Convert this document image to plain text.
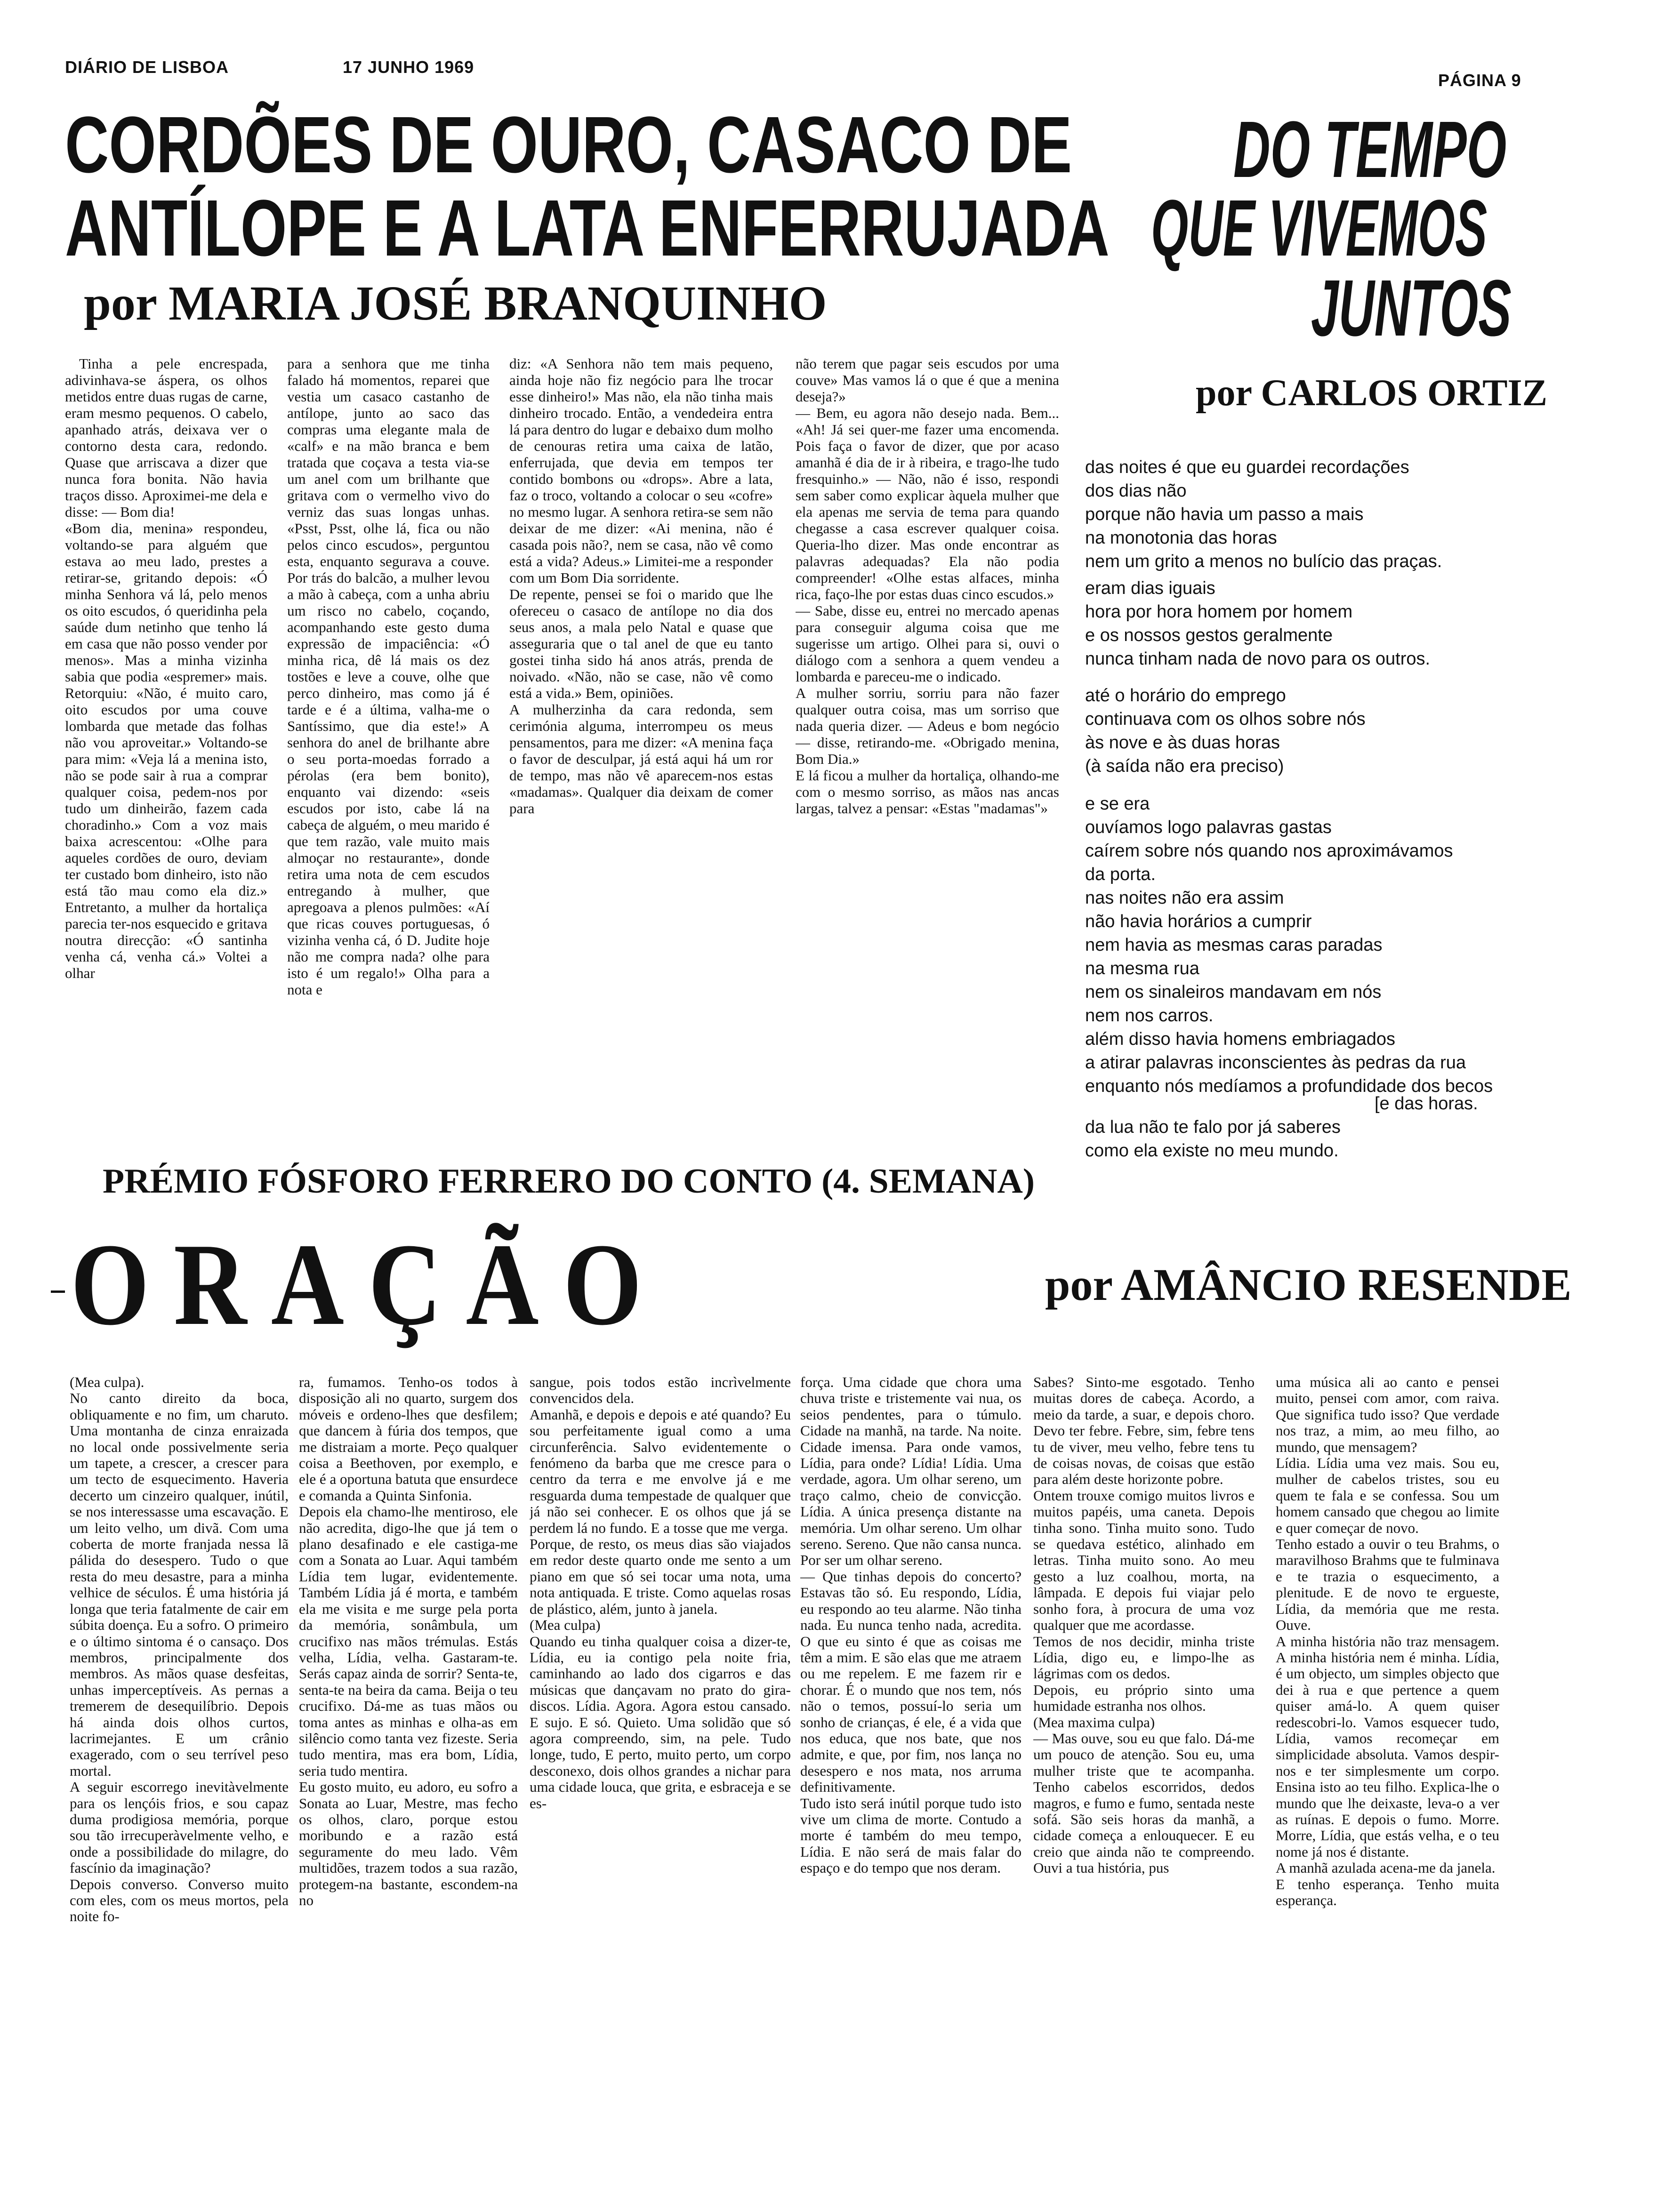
DIÁRIO DE LISBOA	17 JUNHO 1969
PÁGINA 9
CORDÕES DE OURO, CASACO DE
ANTÍLOPE E A LATA ENFERRUJADA
por MARIA JOSÉ BRANQUINHO
Tinha a pele encrespada, adivinhava-se áspera, os olhos metidos entre duas rugas de carne, eram mesmo pequenos. O cabelo, apanhado atrás, deixava ver o contorno desta cara, redondo. Quase que arriscava a dizer que nunca fora bonita. Não havia traços disso. Aproximei-me dela e disse: — Bom dia!
«Bom dia, menina» respondeu, voltando-se para alguém que estava ao meu lado, prestes a retirar-se, gritando depois: «Ó minha Senhora vá lá, pelo menos os oito escudos, ó queridinha pela saúde dum netinho que tenho lá em casa que não posso vender por menos». Mas a minha vizinha sabia que podia «espremer» mais. Retorquiu: «Não, é muito caro, oito escudos por uma couve lombarda que metade das folhas não vou aproveitar.» Voltando-se para mim: «Veja lá a menina isto, não se pode sair à rua a comprar qualquer coisa, pedem-nos por tudo um dinheirão, fazem cada choradinho.» Com a voz mais baixa acrescentou: «Olhe para aqueles cordões de ouro, deviam ter custado bom dinheiro, isto não está tão mau como ela diz.» Entretanto, a mulher da hortaliça parecia ter-nos esquecido e gritava noutra direcção: «Ó santinha venha cá, venha cá.» Voltei a olhar
para a senhora que me tinha falado há momentos, reparei que vestia um casaco castanho de antílope, junto ao saco das compras uma elegante mala de «calf» e na mão branca e bem tratada que coçava a testa via-se um anel com um brilhante que gritava com o vermelho vivo do verniz das suas longas unhas. «Psst, Psst, olhe lá, fica ou não pelos cinco escudos», perguntou esta, enquanto segurava a couve. Por trás do balcão, a mulher levou a mão à cabeça, com a unha abriu um risco no cabelo, coçando, acompanhando este gesto duma expressão de impaciência: «Ó minha rica, dê lá mais os dez tostões e leve a couve, olhe que perco dinheiro, mas como já é tarde e é a última, valha-me o Santíssimo, que dia este!» A senhora do anel de brilhante abre o seu porta-moedas forrado a pérolas (era bem bonito), enquanto vai dizendo: «seis escudos por isto, cabe lá na cabeça de alguém, o meu marido é que tem razão, vale muito mais almoçar no restaurante», donde retira uma nota de cem escudos entregando à mulher, que apregoava a plenos pulmões: «Aí que ricas couves portuguesas, ó vizinha venha cá, ó D. Judite hoje não me compra nada? olhe para isto é um regalo!» Olha para a nota e
diz: «A Senhora não tem mais pequeno, ainda hoje não fiz negócio para lhe trocar esse dinheiro!» Mas não, ela não tinha mais dinheiro trocado. Então, a vendedeira entra lá para dentro do lugar e debaixo dum molho de cenouras retira uma caixa de latão, enferrujada, que devia em tempos ter contido bombons ou «drops». Abre a lata, faz o troco, voltando a colocar o seu «cofre» no mesmo lugar. A senhora retira-se sem não deixar de me dizer: «Ai menina, não é casada pois não?, nem se casa, não vê como está a vida? Adeus.» Limitei-me a responder com um Bom Dia sorridente.
De repente, pensei se foi o marido que lhe ofereceu o casaco de antílope no dia dos seus anos, a mala pelo Natal e quase que asseguraria que o tal anel de que eu tanto gostei tinha sido há anos atrás, prenda de noivado. «Não, não se case, não vê como está a vida.» Bem, opiniões.
A mulherzinha da cara redonda, sem cerimónia alguma, interrompeu os meus pensamentos, para me dizer: «A menina faça o favor de desculpar, já está aqui há um ror de tempo, mas não vê aparecem-nos estas «madamas». Qualquer dia deixam de comer para
não terem que pagar seis escudos por uma couve» Mas vamos lá o que é que a menina deseja?»
— Bem, eu agora não desejo nada. Bem... «Ah! Já sei quer-me fazer uma encomenda. Pois faça o favor de dizer, que por acaso amanhã é dia de ir à ribeira, e trago-lhe tudo fresquinho.» — Não, não é isso, respondi sem saber como explicar àquela mulher que ela apenas me servia de tema para quando chegasse a casa escrever qualquer coisa. Queria-lho dizer. Mas onde encontrar as palavras adequadas? Ela não podia compreender! «Olhe estas alfaces, minha rica, faço-lhe por estas duas cinco escudos.»
— Sabe, disse eu, entrei no mercado apenas para conseguir alguma coisa que me sugerisse um artigo. Olhei para si, ouvi o diálogo com a senhora a quem vendeu a lombarda e pareceu-me o indicado.
A mulher sorriu, sorriu para não fazer qualquer outra coisa, mas um sorriso que nada queria dizer. — Adeus e bom negócio — disse, retirando-me. «Obrigado menina, Bom Dia.»
E lá ficou a mulher da hortaliça, olhando-me com o mesmo sorriso, as mãos nas ancas largas, talvez a pensar: «Estas "madamas"»
DO TEMPO
QUE VIVEMOS
JUNTOS
por CARLOS ORTIZ
das noites é que eu guardei recordações
dos dias não
porque não havia um passo a mais
na monotonia das horas
nem um grito a menos no bulício das praças.
eram dias iguais
hora por hora homem por homem
e os nossos gestos geralmente
nunca tinham nada de novo para os outros.
até o horário do emprego
continuava com os olhos sobre nós
às nove e às duas horas
(à saída não era preciso)
e se era
ouvíamos logo palavras gastas
caírem sobre nós quando nos aproximávamos
da porta.
nas noites não era assim
não havia horários a cumprir
nem havia as mesmas caras paradas
na mesma rua
nem os sinaleiros mandavam em nós
nem nos carros.
além disso havia homens embriagados
a atirar palavras inconscientes às pedras da rua
enquanto nós medíamos a profundidade dos becos
[e das horas.
da lua não te falo por já saberes
como ela existe no meu mundo.
PRÉMIO FÓSFORO FERRERO DO CONTO (4. SEMANA)
ORAÇÃO	por AMÂNCIO RESENDE
(Mea culpa).
No canto direito da boca, obliquamente e no fim, um charuto. Uma montanha de cinza enraizada no local onde possivelmente seria um tapete, a crescer, a crescer para um tecto de esquecimento. Haveria decerto um cinzeiro qualquer, inútil, se nos interessasse uma escavação. E um leito velho, um divã. Com uma coberta de morte franjada nessa lã pálida do desespero. Tudo o que resta do meu desastre, para a minha velhice de séculos. É uma história já longa que teria fatalmente de cair em súbita doença. Eu a sofro. O primeiro e o último sintoma é o cansaço. Dos membros, principalmente dos membros. As mãos quase desfeitas, unhas imperceptíveis. As pernas a tremerem de desequilíbrio. Depois há ainda dois olhos curtos, lacrimejantes. E um crânio exagerado, com o seu terrível peso mortal.
A seguir escorrego inevitàvelmente para os lençóis frios, e sou capaz duma prodigiosa memória, porque sou tão irrecuperàvelmente velho, e onde a possibilidade do milagre, do fascínio da imaginação?
Depois converso. Converso muito com eles, com os meus mortos, pela noite fo-
ra, fumamos. Tenho-os todos à disposição ali no quarto, surgem dos móveis e ordeno-lhes que desfilem; que dancem à fúria dos tempos, que me distraiam a morte. Peço qualquer coisa a Beethoven, por exemplo, e ele é a oportuna batuta que ensurdece e comanda a Quinta Sinfonia.
Depois ela chamo-lhe mentiroso, ele não acredita, digo-lhe que já tem o plano desafinado e ele castiga-me com a Sonata ao Luar. Aqui também Lídia tem lugar, evidentemente. Também Lídia já é morta, e também ela me visita e me surge pela porta da memória, sonâmbula, um crucifixo nas mãos trémulas. Estás velha, Lídia, velha. Gastaram-te. Serás capaz ainda de sorrir? Senta-te, senta-te na beira da cama. Beija o teu crucifixo. Dá-me as tuas mãos ou toma antes as minhas e olha-as em silêncio como tanta vez fizeste. Seria tudo mentira, mas era bom, Lídia, seria tudo mentira.
Eu gosto muito, eu adoro, eu sofro a Sonata ao Luar, Mestre, mas fecho os olhos, claro, porque estou moribundo e a razão está seguramente do meu lado. Vêm multidões, trazem todos a sua razão, protegem-na bastante, escondem-na no
sangue, pois todos estão incrìvelmente convencidos dela.
Amanhã, e depois e depois e até quando? Eu sou perfeitamente igual como a uma circunferência. Salvo evidentemente o fenómeno da barba que me cresce para o centro da terra e me envolve já e me resguarda duma tempestade de qualquer que já não sei conhecer. E os olhos que já se perdem lá no fundo. E a tosse que me verga.
Porque, de resto, os meus dias são viajados em redor deste quarto onde me sento a um piano em que só sei tocar uma nota, uma nota antiquada. E triste. Como aquelas rosas de plástico, além, junto à janela.
(Mea culpa)
Quando eu tinha qualquer coisa a dizer-te, Lídia, eu ia contigo pela noite fria, caminhando ao lado dos cigarros e das músicas que dançavam no prato do gira-discos. Lídia. Agora. Agora estou cansado. E sujo. E só. Quieto. Uma solidão que só agora compreendo, sim, na pele. Tudo longe, tudo, E perto, muito perto, um corpo desconexo, dois olhos grandes a nichar para uma cidade louca, que grita, e esbraceja e se es-
força. Uma cidade que chora uma chuva triste e tristemente vai nua, os seios pendentes, para o túmulo. Cidade na manhã, na tarde. Na noite. Cidade imensa. Para onde vamos, Lídia, para onde? Lídia! Lídia. Uma verdade, agora. Um olhar sereno, um traço calmo, cheio de convicção. Lídia. A única presença distante na memória. Um olhar sereno. Um olhar sereno. Sereno. Que não cansa nunca. Por ser um olhar sereno.
— Que tinhas depois do concerto? Estavas tão só. Eu respondo, Lídia, eu respondo ao teu alarme. Não tinha nada. Eu nunca tenho nada, acredita. O que eu sinto é que as coisas me têm a mim. E são elas que me atraem ou me repelem. E me fazem rir e chorar. É o mundo que nos tem, nós não o temos, possuí-lo seria um sonho de crianças, é ele, é a vida que nos educa, que nos bate, que nos admite, e que, por fim, nos lança no desespero e nos mata, nos arruma definitivamente.
Tudo isto será inútil porque tudo isto vive um clima de morte. Contudo a morte é também do meu tempo, Lídia. E não será de mais falar do espaço e do tempo que nos deram.
Sabes? Sinto-me esgotado. Tenho muitas dores de cabeça. Acordo, a meio da tarde, a suar, e depois choro. Devo ter febre. Febre, sim, febre tens tu de viver, meu velho, febre tens tu de coisas novas, de coisas que estão para além deste horizonte pobre.
Ontem trouxe comigo muitos livros e muitos papéis, uma caneta. Depois tinha sono. Tinha muito sono. Tudo se quedava estético, alinhado em letras. Tinha muito sono. Ao meu gesto a luz coalhou, morta, na lâmpada. E depois fui viajar pelo sonho fora, à procura de uma voz qualquer que me acordasse.
Temos de nos decidir, minha triste Lídia, digo eu, e limpo-lhe as lágrimas com os dedos.
Depois, eu próprio sinto uma humidade estranha nos olhos.
(Mea maxima culpa)
— Mas ouve, sou eu que falo. Dá-me um pouco de atenção. Sou eu, uma mulher triste que te acompanha. Tenho cabelos escorridos, dedos magros, e fumo e fumo, sentada neste sofá. São seis horas da manhã, a cidade começa a enlouquecer. E eu creio que ainda não te compreendo. Ouvi a tua história, pus
uma música ali ao canto e pensei muito, pensei com amor, com raiva. Que significa tudo isso? Que verdade nos traz, a mim, ao meu filho, ao mundo, que mensagem?
Lídia. Lídia uma vez mais. Sou eu, mulher de cabelos tristes, sou eu quem te fala e se confessa. Sou um homem cansado que chegou ao limite e quer começar de novo.
Tenho estado a ouvir o teu Brahms, o maravilhoso Brahms que te fulminava e te trazia o esquecimento, a plenitude. E de novo te ergueste, Lídia, da memória que me resta. Ouve.
A minha história não traz mensagem. A minha história nem é minha. Lídia, é um objecto, um simples objecto que dei à rua e que pertence a quem quiser amá-lo. A quem quiser redescobri-lo. Vamos esquecer tudo, Lídia, vamos recomeçar em simplicidade absoluta. Vamos despir-nos e ter simplesmente um corpo. Ensina isto ao teu filho. Explica-lhe o mundo que lhe deixaste, leva-o a ver as ruínas. E depois o fumo. Morre. Morre, Lídia, que estás velha, e o teu nome já nos é distante.
A manhã azulada acena-me da janela.
E tenho esperança. Tenho muita esperança.
